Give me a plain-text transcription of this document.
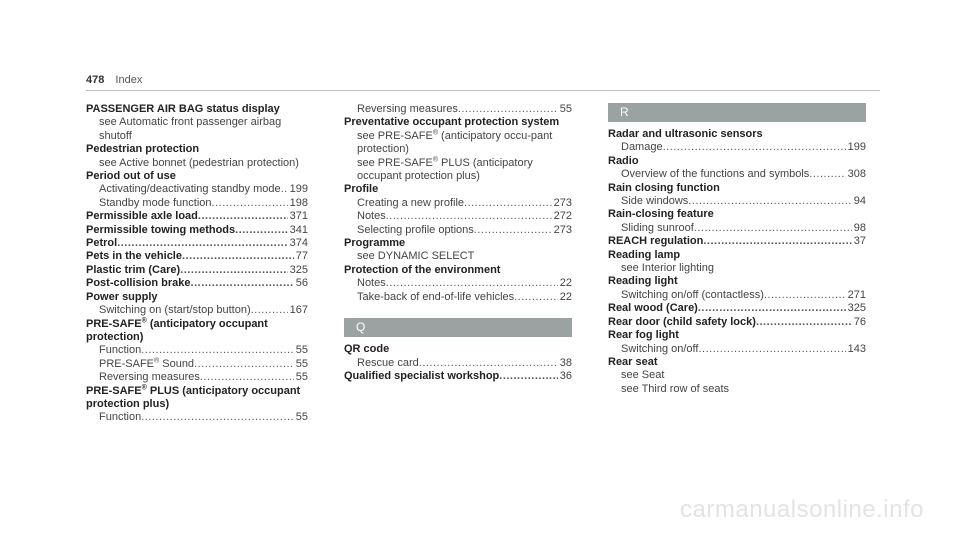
478 Index
PASSENGER AIR BAG status display
see Automatic front passenger airbag shutoff
Pedestrian protection
see Active bonnet (pedestrian protection)
Period out of use
Activating/deactivating standby mode ..... 199
Standby mode function .....	198
Permissible axle load .....	371
Permissible towing methods .....	341
Petrol .....	374
Pets in the vehicle .....	77
Plastic trim (Care) .....	325
Post-collision brake .....	56
Power supply
Switching on (start/stop button) .....	167
PRE-SAFE® (anticipatory occupant protection)
Function .....	55
PRE-SAFE® Sound .....	55
Reversing measures .....	55
PRE-SAFE® PLUS (anticipatory occupant protection plus)
Function .....	55
Reversing measures .....	55
Preventative occupant protection system
see PRE-SAFE® (anticipatory occu-pant protection)
see PRE-SAFE® PLUS (anticipatory occupant protection plus)
Profile
Creating a new profile .....	273
Notes .....	272
Selecting profile options .....	273
Programme
see DYNAMIC SELECT
Protection of the environment
Notes .....	22
Take-back of end-of-life vehicles .....	22
Q
QR code
Rescue card .....	38
Qualified specialist workshop .....	36
R
Radar and ultrasonic sensors
Damage .....	199
Radio
Overview of the functions and symbols .....	308
Rain closing function
Side windows .....	94
Rain-closing feature
Sliding sunroof .....	98
REACH regulation .....	37
Reading lamp
see Interior lighting
Reading light
Switching on/off (contactless) .....	271
Real wood (Care) .....	325
Rear door (child safety lock) .....	76
Rear fog light
Switching on/off .....	143
Rear seat
see Seat
see Third row of seats
carmanualsonline.info
